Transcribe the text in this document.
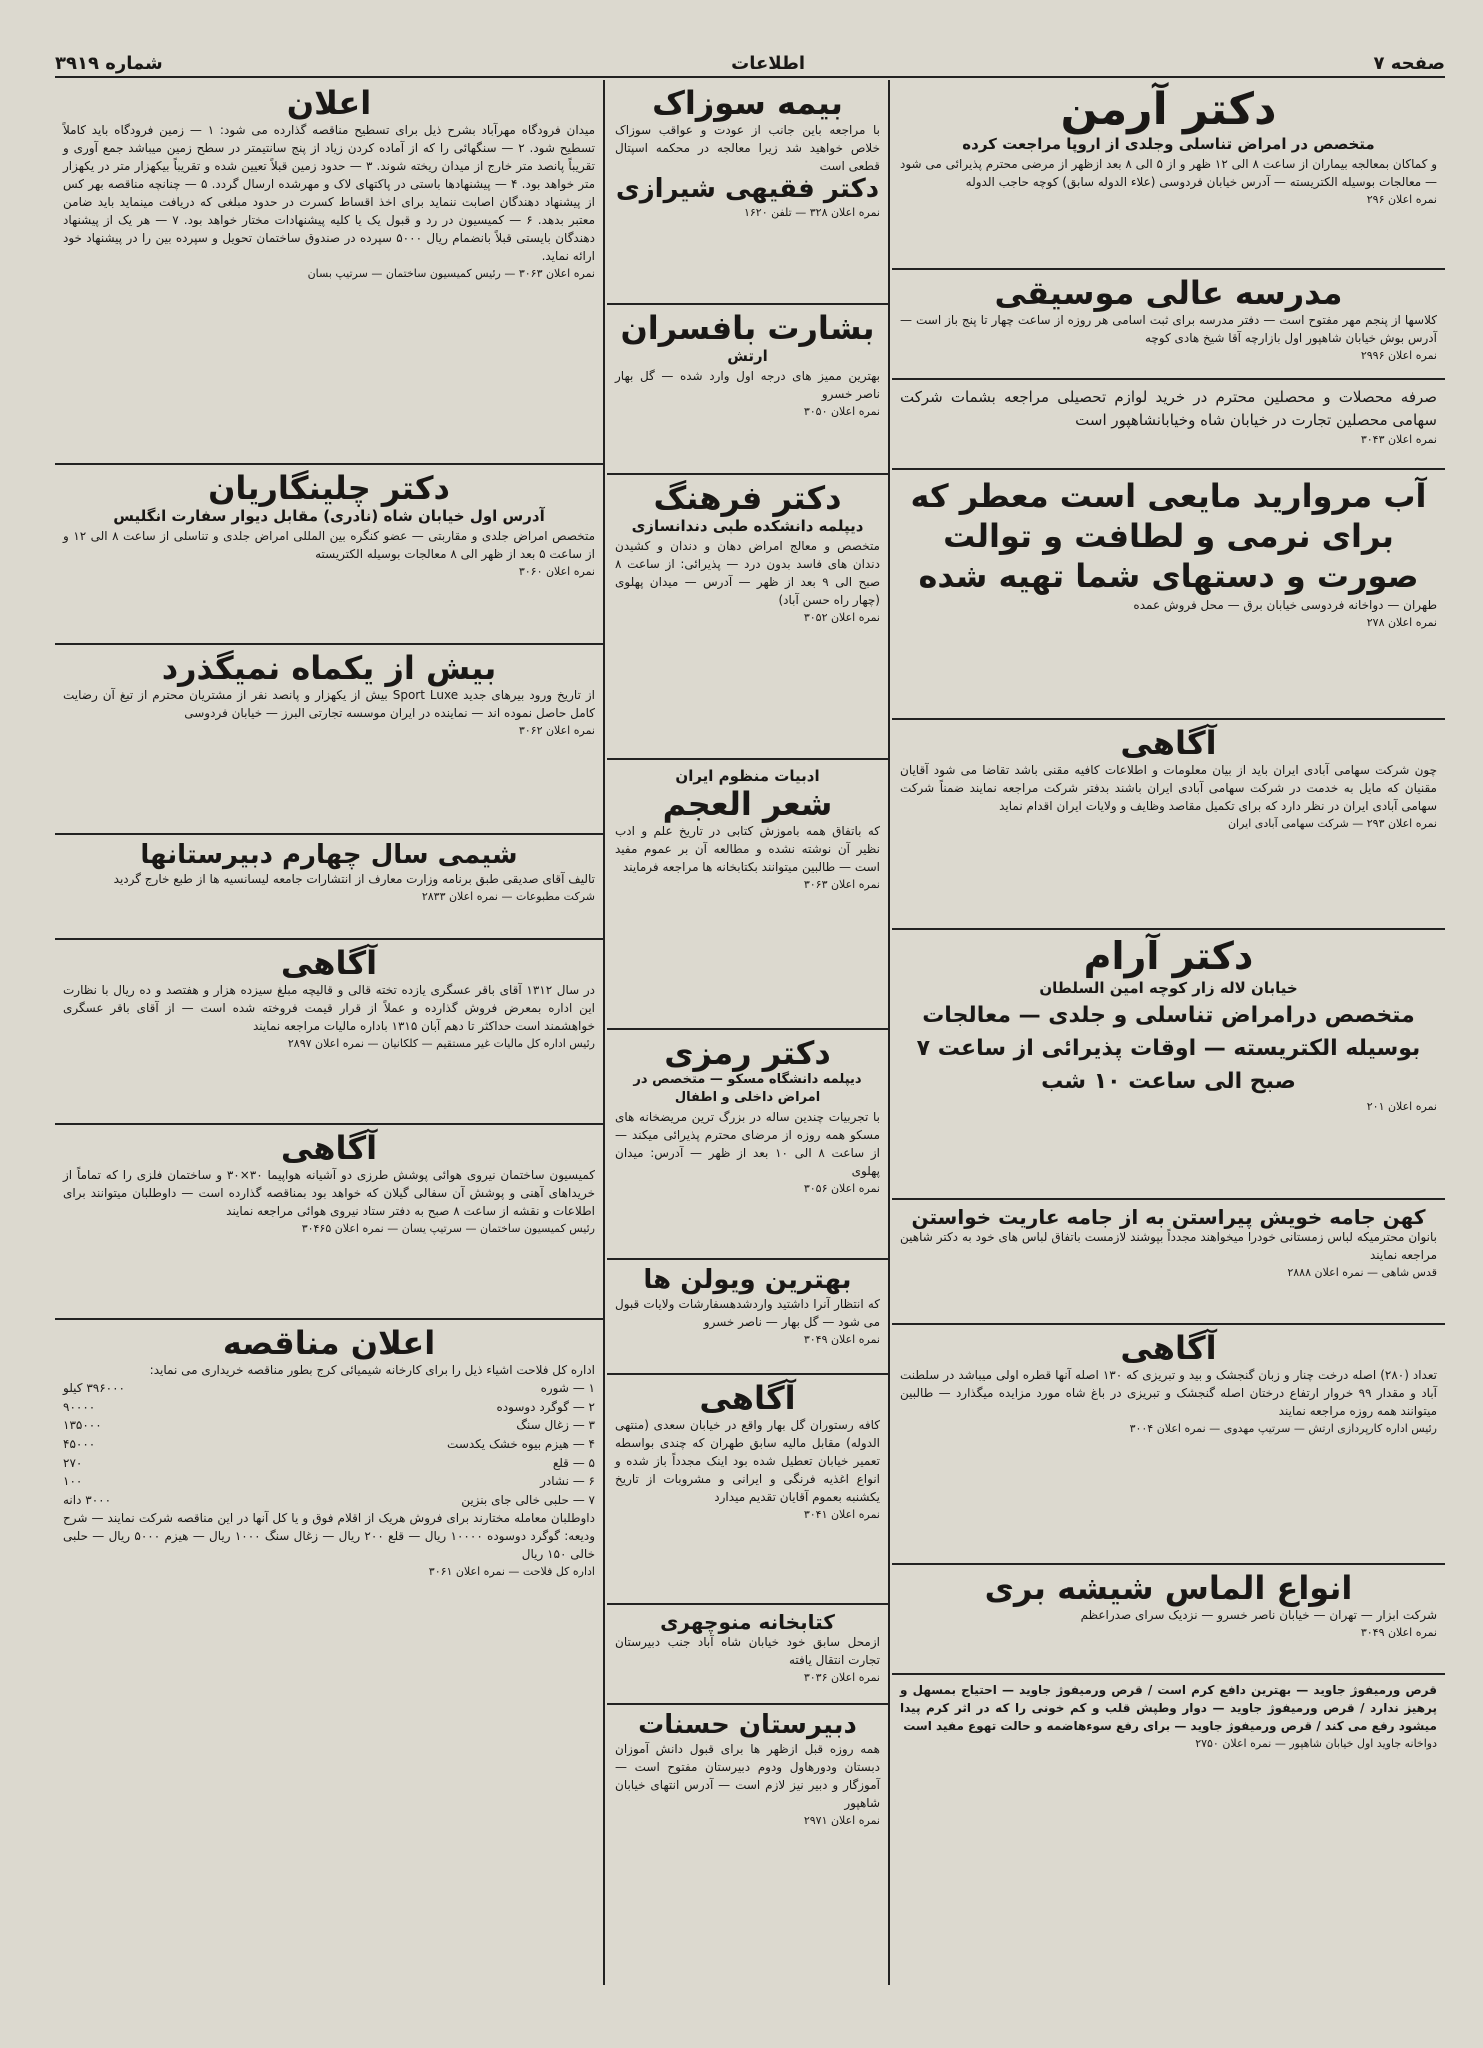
شماره ۳۹۱۹	اطلاعات	صفحه ۷
دکتر آرمن
متخصص در امراض تناسلی وجلدی از اروپا مراجعت کرده
و کماکان بمعالجه بیماران از ساعت ۸ الی ۱۲ ظهر و از ۵ الی ۸ بعد ازظهر از مرضی محترم پذیرائی می شود — معالجات بوسیله الکتریسته — آدرس خیابان فردوسی (علاء الدوله سابق) کوچه حاجب الدوله
نمره اعلان ۲۹۶
مدرسه عالی موسیقی
کلاسها از پنجم مهر مفتوح است — دفتر مدرسه برای ثبت اسامی هر روزه از ساعت چهار تا پنج باز است — آدرس بوش خیابان شاهپور اول بازارچه آقا شیخ هادی کوچه
نمره اعلان ۲۹۹۶
صرفه محصلات و محصلین محترم در خرید لوازم تحصیلی مراجعه بشمات شرکت سهامی محصلین تجارت در خیابان شاه وخیابانشاهپور است
نمره اعلان ۳۰۴۳
آب مروارید مایعی است معطر که برای نرمی و لطافت و توالت صورت و دستهای شما تهیه شده
طهران — دواخانه فردوسی خیابان برق — محل فروش عمده
نمره اعلان ۲۷۸
آگاهی
چون شرکت سهامی آبادی ایران باید از بیان معلومات و اطلاعات کافیه مقنی باشد تقاضا می شود آقایان مقنیان که مایل به خدمت در شرکت سهامی آبادی ایران باشند بدفتر شرکت مراجعه نمایند ضمناً شرکت سهامی آبادی ایران در نظر دارد که برای تکمیل مقاصد وظایف و ولایات ایران اقدام نماید
نمره اعلان ۲۹۳ — شرکت سهامی آبادی ایران
دکتر آرام
خیابان لاله زار کوچه امین السلطان
متخصص درامراض تناسلی و جلدی — معالجات بوسیله الکتریسته — اوقات پذیرائی از ساعت ۷ صبح الی ساعت ۱۰ شب
نمره اعلان ۲۰۱
کهن جامه خویش پیراستن به از جامه عاریت خواستن
بانوان محترمیکه لباس زمستانی خودرا میخواهند مجدداً بپوشند لازمست باتفاق لباس های خود به دکتر شاهین مراجعه نمایند
قدس شاهی — نمره اعلان ۲۸۸۸
آگاهی
تعداد (۲۸۰) اصله درخت چنار و زبان گنجشک و بید و تبریزی که ۱۳۰ اصله آنها قطره اولی میباشد در سلطنت آباد و مقدار ۹۹ خروار ارتفاع درختان اصله گنجشک و تبریزی در باغ شاه مورد مزایده میگذارد — طالبین میتوانند همه روزه مراجعه نمایند
رئیس اداره کارپردازی ارتش — سرتیپ مهدوی — نمره اعلان ۳۰۰۴
انواع الماس شیشه بری
شرکت ابزار — تهران — خیابان ناصر خسرو — نزدیک سرای صدراعظم
نمره اعلان ۳۰۴۹
قرص ورمیفوژ جاوید — بهترین دافع کرم است / قرص ورمیفوژ جاوید — احتیاج بمسهل و پرهیز ندارد / قرص ورمیفوژ جاوید — دوار وطپش قلب و کم خونی را که در اثر کرم پیدا میشود رفع می کند / قرص ورمیفوژ جاوید — برای رفع سوءهاضمه و حالت تهوع مفید است
دواخانه جاوید اول خیابان شاهپور — نمره اعلان ۲۷۵۰
بیمه سوزاک
با مراجعه باین جانب از عودت و عواقب سوزاک خلاص خواهید شد زیرا معالجه در محکمه اسپتال قطعی است
دکتر فقیهی شیرازی
نمره اعلان ۳۲۸ — تلفن ۱۶۲۰
بشارت بافسران
ارتش
بهترین ممیز های درجه اول وارد شده — گل بهار ناصر خسرو
نمره اعلان ۳۰۵۰
دکتر فرهنگ
دیپلمه دانشکده طبی دندانسازی
متخصص و معالج امراض دهان و دندان و کشیدن دندان های فاسد بدون درد — پذیرائی: از ساعت ۸ صبح الی ۹ بعد از ظهر — آدرس — میدان پهلوی (چهار راه حسن آباد)
نمره اعلان ۳۰۵۲
ادبیات منظوم ایران
شعر العجم
که باتفاق همه باموزش کتابی در تاریخ علم و ادب نظیر آن نوشته نشده و مطالعه آن بر عموم مفید است — طالبین میتوانند بکتابخانه ها مراجعه فرمایند
نمره اعلان ۳۰۶۳
دکتر رمزی
دیپلمه دانشگاه مسکو — متخصص در امراض داخلی و اطفال
با تجربیات چندین ساله در بزرگ ترین مریضخانه های مسکو همه روزه از مرضای محترم پذیرائی میکند — از ساعت ۸ الی ۱۰ بعد از ظهر — آدرس: میدان پهلوی
نمره اعلان ۳۰۵۶
بهترین ویولن ها
که انتظار آنرا داشتید واردشدهسفارشات ولایات قبول می شود — گل بهار — ناصر خسرو
نمره اعلان ۳۰۴۹
آگاهی
کافه رستوران گل بهار واقع در خیابان سعدی (منتهی الدوله) مقابل مالیه سابق طهران که چندی بواسطه تعمیر خیابان تعطیل شده بود اینک مجدداً باز شده و انواع اغذیه فرنگی و ایرانی و مشروبات از تاریخ یکشنبه بعموم آقایان تقدیم میدارد
نمره اعلان ۳۰۴۱
کتابخانه منوچهری
ازمحل سابق خود خیابان شاه آباد جنب دبیرستان تجارت انتقال یافته
نمره اعلان ۳۰۳۶
دبیرستان حسنات
همه روزه قبل ازظهر ها برای قبول دانش آموزان دبستان ودورهاول ودوم دبیرستان مفتوح است — آموزگار و دبیر نیز لازم است — آدرس انتهای خیابان شاهپور
نمره اعلان ۲۹۷۱
اعلان
میدان فرودگاه مهرآباد بشرح ذیل برای تسطیح مناقصه گذارده می شود: ۱ — زمین فرودگاه باید کاملاً تسطیح شود. ۲ — سنگهائی را که از آماده کردن زیاد از پنج سانتیمتر در سطح زمین میباشد جمع آوری و تقریباً پانصد متر خارج از میدان ریخته شوند. ۳ — حدود زمین قبلاً تعیین شده و تقریباً بیکهزار متر در یکهزار متر خواهد بود. ۴ — پیشنهادها باستی در پاکتهای لاک و مهرشده ارسال گردد. ۵ — چنانچه مناقصه بهر کس از پیشنهاد دهندگان اصابت ننماید برای اخذ اقساط کسرت در حدود مبلغی که دریافت مینماید باید ضامن معتبر بدهد. ۶ — کمیسیون در رد و قبول یک یا کلیه پیشنهادات مختار خواهد بود. ۷ — هر یک از پیشنهاد دهندگان بایستی قبلاً بانضمام ریال ۵۰۰۰ سپرده در صندوق ساختمان تحویل و سپرده بین را در پیشنهاد خود ارائه نماید.
نمره اعلان ۳۰۶۳ — رئیس کمیسیون ساختمان — سرتیپ بسان
دکتر چلینگاریان
آدرس اول خیابان شاه (نادری) مقابل دیوار سفارت انگلیس
متخصص امراض جلدی و مقاربتی — عضو کنگره بین المللی امراض جلدی و تناسلی از ساعت ۸ الی ۱۲ و از ساعت ۵ بعد از ظهر الی ۸ معالجات بوسیله الکتریسته
نمره اعلان ۳۰۶۰
بیش از یکماه نمیگذرد
از تاریخ ورود بیرهای جدید Sport Luxe بیش از یکهزار و پانصد نفر از مشتریان محترم از تیغ آن رضایت کامل حاصل نموده اند — نماینده در ایران موسسه تجارتی البرز — خیابان فردوسی
نمره اعلان ۳۰۶۲
شیمی سال چهارم دبیرستانها
تالیف آقای صدیقی طبق برنامه وزارت معارف از انتشارات جامعه لیسانسیه ها از طبع خارج گردید
شرکت مطبوعات — نمره اعلان ۲۸۳۳
آگاهی
در سال ۱۳۱۲ آقای باقر عسگری یازده تخته قالی و قالیچه مبلغ سیزده هزار و هفتصد و ده ریال با نظارت این اداره بمعرض فروش گذارده و عملاً از قرار قیمت فروخته شده است — از آقای باقر عسگری خواهشمند است حداکثر تا دهم آبان ۱۳۱۵ باداره مالیات مراجعه نمایند
رئیس اداره کل مالیات غیر مستقیم — کلکانیان — نمره اعلان ۲۸۹۷
آگاهی
کمیسیون ساختمان نیروی هوائی پوشش طرزی دو آشیانه هواپیما ۳۰×۳۰ و ساختمان فلزی را که تماماً از خریداهای آهنی و پوشش آن سفالی گیلان که خواهد بود بمناقصه گذارده است — داوطلبان میتوانند برای اطلاعات و نقشه از ساعت ۸ صبح به دفتر ستاد نیروی هوائی مراجعه نمایند
رئیس کمیسیون ساختمان — سرتیپ یسان — نمره اعلان ۳۰۴۶۵
اعلان مناقصه
اداره کل فلاحت اشیاء ذیل را برای کارخانه شیمیائی کرج بطور مناقصه خریداری می نماید:
۱ — شوره
۳۹۶۰۰۰ کیلو
۲ — گوگرد دوسوده
۹۰۰۰۰
۳ — زغال سنگ
۱۳۵۰۰۰
۴ — هیزم بیوه خشک یکدست
۴۵۰۰۰
۵ — قلع
۲۷۰
۶ — نشادر
۱۰۰
۷ — حلبی خالی جای بنزین
۳۰۰۰ دانه
داوطلبان معامله مختارند برای فروش هریک از اقلام فوق و یا کل آنها در این مناقصه شرکت نمایند — شرح ودیعه: گوگرد دوسوده ۱۰۰۰۰ ریال — قلع ۲۰۰ ریال — زغال سنگ ۱۰۰۰ ریال — هیزم ۵۰۰۰ ریال — حلبی خالی ۱۵۰ ریال
اداره کل فلاحت — نمره اعلان ۳۰۶۱
